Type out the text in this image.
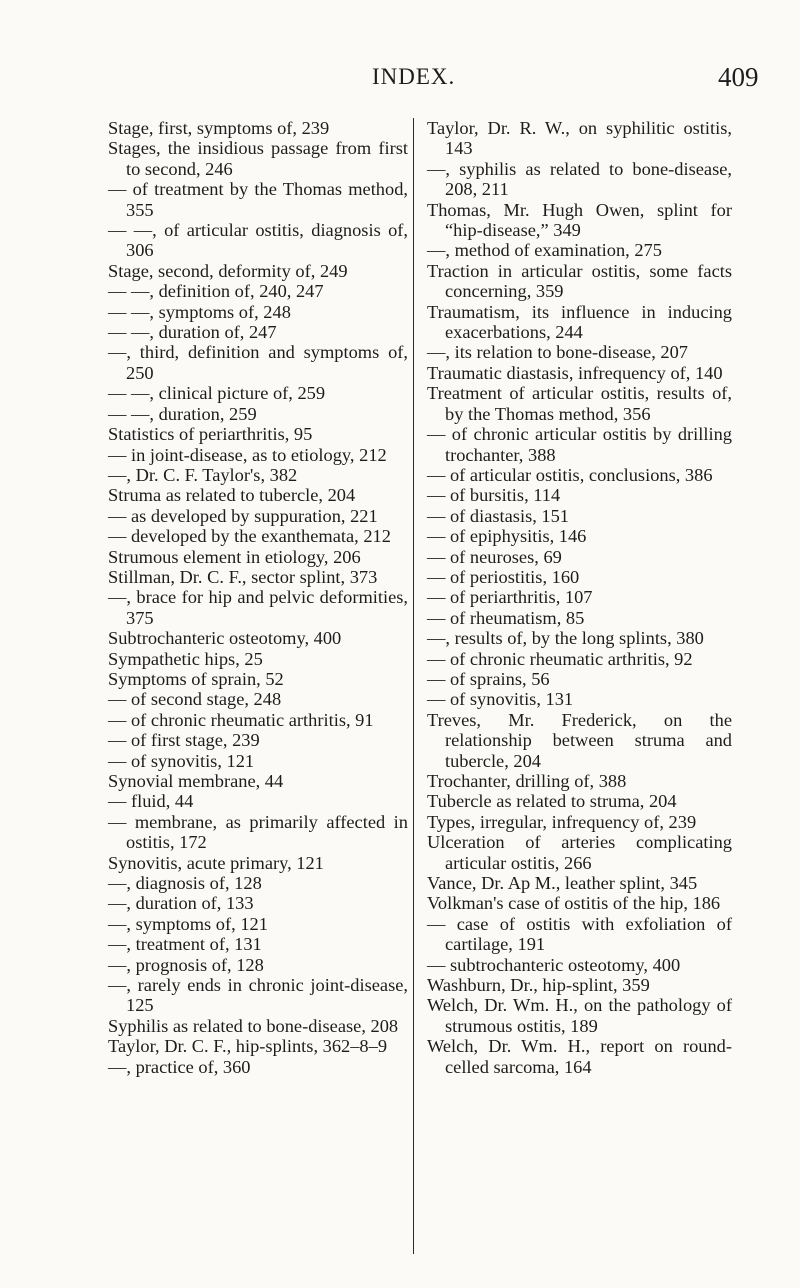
INDEX.	409
Stage, first, symptoms of, 239
Stages, the insidious passage from first to second, 246
— of treatment by the Thomas method, 355
— —, of articular ostitis, diagnosis of, 306
Stage, second, deformity of, 249
— —, definition of, 240, 247
— —, symptoms of, 248
— —, duration of, 247
—, third, definition and symptoms of, 250
— —, clinical picture of, 259
— —, duration, 259
Statistics of periarthritis, 95
— in joint-disease, as to etiology, 212
—, Dr. C. F. Taylor's, 382
Struma as related to tubercle, 204
— as developed by suppuration, 221
— developed by the exanthemata, 212
Strumous element in etiology, 206
Stillman, Dr. C. F., sector splint, 373
—, brace for hip and pelvic deformities, 375
Subtrochanteric osteotomy, 400
Sympathetic hips, 25
Symptoms of sprain, 52
— of second stage, 248
— of chronic rheumatic arthritis, 91
— of first stage, 239
— of synovitis, 121
Synovial membrane, 44
— fluid, 44
— membrane, as primarily affected in ostitis, 172
Synovitis, acute primary, 121
—, diagnosis of, 128
—, duration of, 133
—, symptoms of, 121
—, treatment of, 131
—, prognosis of, 128
—, rarely ends in chronic joint-disease, 125
Syphilis as related to bone-disease, 208
Taylor, Dr. C. F., hip-splints, 362–8–9
—, practice of, 360
Taylor, Dr. R. W., on syphilitic ostitis, 143
—, syphilis as related to bone-disease, 208, 211
Thomas, Mr. Hugh Owen, splint for “hip-disease,” 349
—, method of examination, 275
Traction in articular ostitis, some facts concerning, 359
Traumatism, its influence in inducing exacerbations, 244
—, its relation to bone-disease, 207
Traumatic diastasis, infrequency of, 140
Treatment of articular ostitis, results of, by the Thomas method, 356
— of chronic articular ostitis by drilling trochanter, 388
— of articular ostitis, conclusions, 386
— of bursitis, 114
— of diastasis, 151
— of epiphysitis, 146
— of neuroses, 69
— of periostitis, 160
— of periarthritis, 107
— of rheumatism, 85
—, results of, by the long splints, 380
— of chronic rheumatic arthritis, 92
— of sprains, 56
— of synovitis, 131
Treves, Mr. Frederick, on the relationship between struma and tubercle, 204
Trochanter, drilling of, 388
Tubercle as related to struma, 204
Types, irregular, infrequency of, 239
Ulceration of arteries complicating articular ostitis, 266
Vance, Dr. Ap M., leather splint, 345
Volkman's case of ostitis of the hip, 186
— case of ostitis with exfoliation of cartilage, 191
— subtrochanteric osteotomy, 400
Washburn, Dr., hip-splint, 359
Welch, Dr. Wm. H., on the pathology of strumous ostitis, 189
Welch, Dr. Wm. H., report on round-celled sarcoma, 164
